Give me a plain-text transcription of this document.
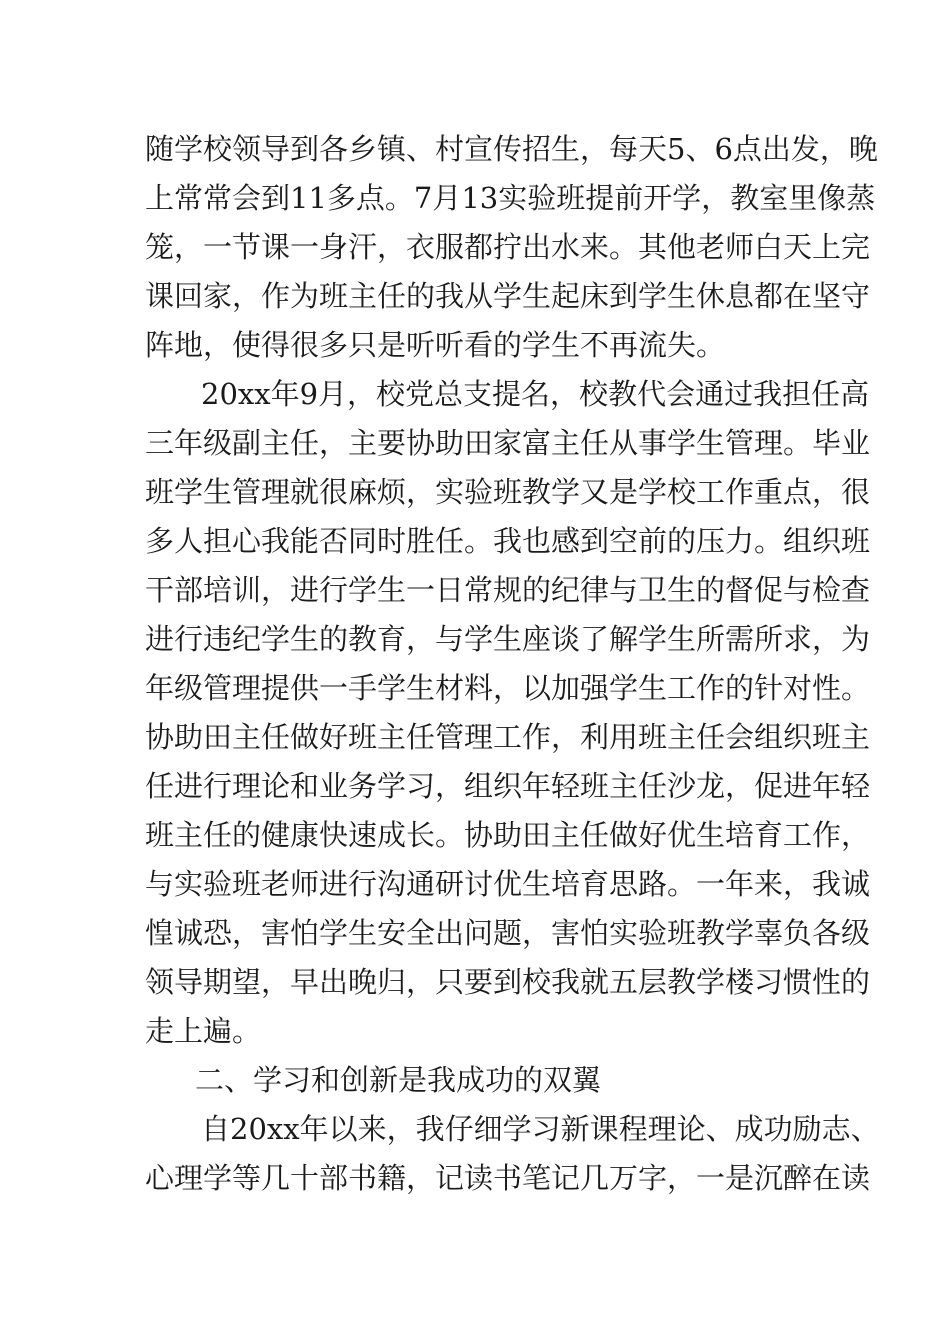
随学校领导到各乡镇、村宣传招生，每天5、6点出发，晚
上常常会到11多点。7月13实验班提前开学，教室里像蒸
笼，一节课一身汗，衣服都拧出水来。其他老师白天上完
课回家，作为班主任的我从学生起床到学生休息都在坚守
阵地，使得很多只是听听看的学生不再流失。
20xx年9月，校党总支提名，校教代会通过我担任高
三年级副主任，主要协助田家富主任从事学生管理。毕业
班学生管理就很麻烦，实验班教学又是学校工作重点，很
多人担心我能否同时胜任。我也感到空前的压力。组织班
干部培训，进行学生一日常规的纪律与卫生的督促与检查
进行违纪学生的教育，与学生座谈了解学生所需所求，为
年级管理提供一手学生材料，以加强学生工作的针对性。
协助田主任做好班主任管理工作，利用班主任会组织班主
任进行理论和业务学习，组织年轻班主任沙龙，促进年轻
班主任的健康快速成长。协助田主任做好优生培育工作，
与实验班老师进行沟通研讨优生培育思路。一年来，我诚
惶诚恐，害怕学生安全出问题，害怕实验班教学辜负各级
领导期望，早出晚归，只要到校我就五层教学楼习惯性的
走上遍。
二、学习和创新是我成功的双翼
自20xx年以来，我仔细学习新课程理论、成功励志、
心理学等几十部书籍，记读书笔记几万字，一是沉醉在读
